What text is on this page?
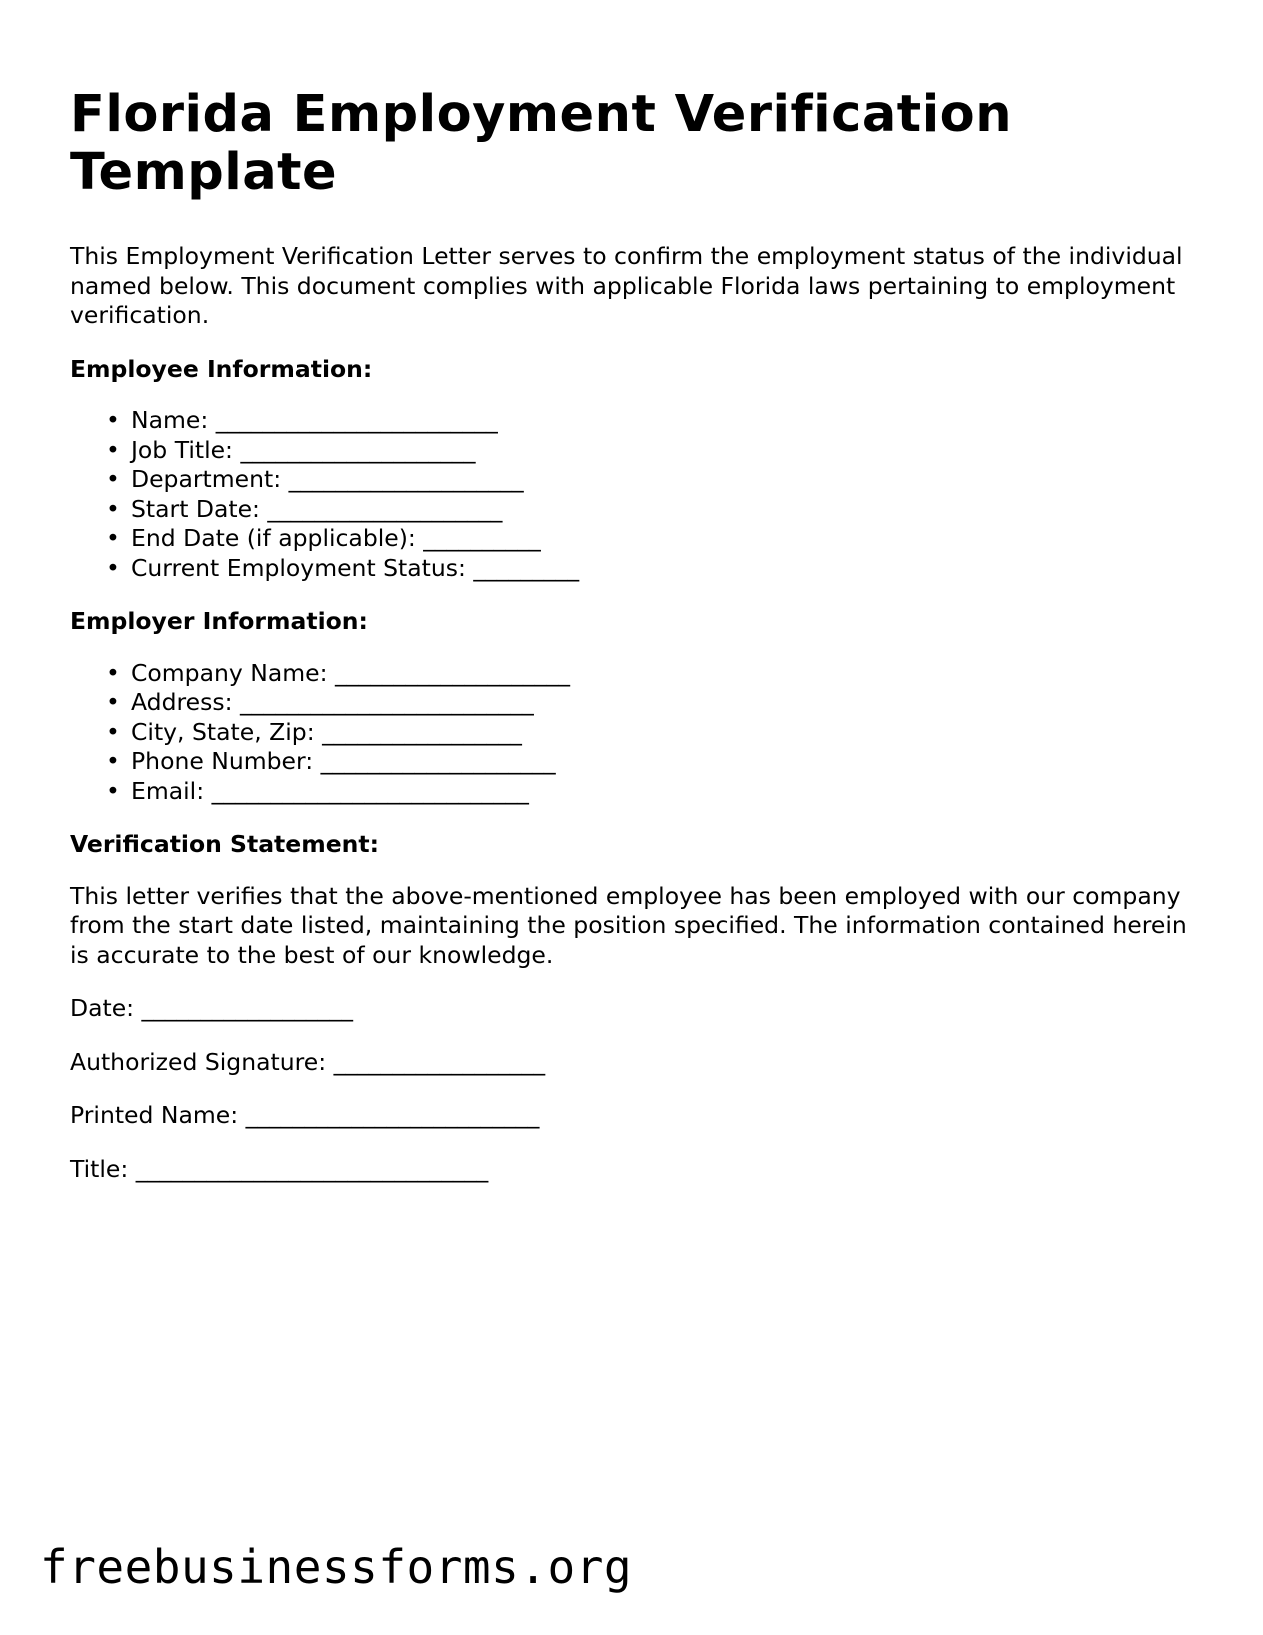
Florida Employment Verification Template

This Employment Verification Letter serves to confirm the employment status of the individual named below. This document complies with applicable Florida laws pertaining to employment verification.

Employee Information:
• Name: ________________________
• Job Title: ____________________
• Department: ____________________
• Start Date: ____________________
• End Date (if applicable): __________
• Current Employment Status: _________
Employer Information:
• Company Name: ____________________
• Address: _________________________
• City, State, Zip: _________________
• Phone Number: ____________________
• Email: ___________________________
Verification Statement:

This letter verifies that the above-mentioned employee has been employed with our company from the start date listed, maintaining the position specified. The information contained herein is accurate to the best of our knowledge.

Date: __________________
Authorized Signature: __________________
Printed Name: _________________________
Title: ______________________________
freebusinessforms.org
